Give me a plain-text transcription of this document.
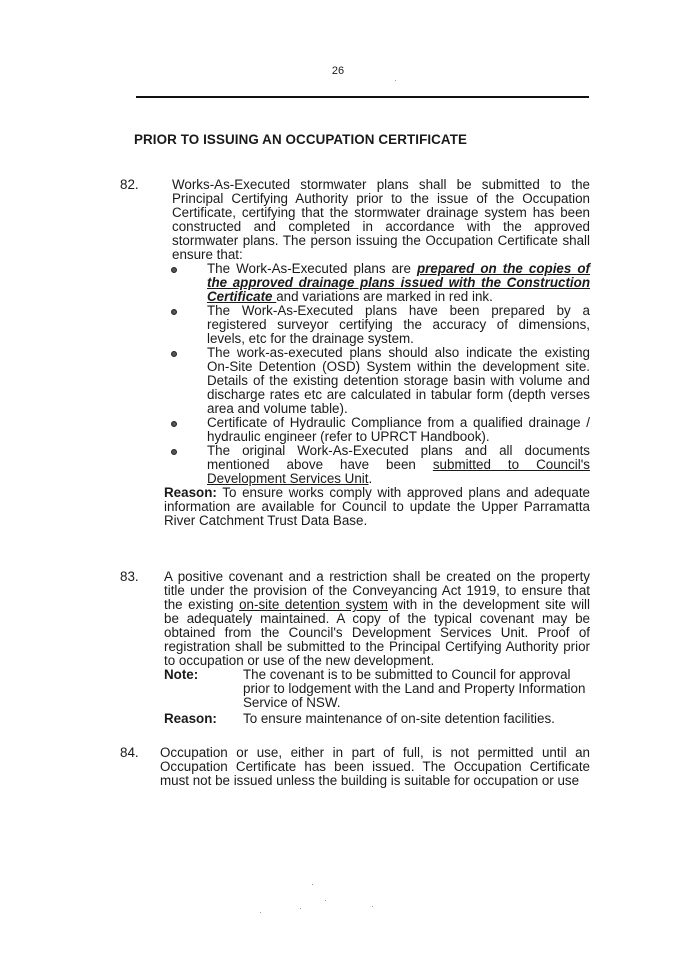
26
PRIOR TO ISSUING AN OCCUPATION CERTIFICATE
82. Works-As-Executed stormwater plans shall be submitted to the Principal Certifying Authority prior to the issue of the Occupation Certificate, certifying that the stormwater drainage system has been constructed and completed in accordance with the approved stormwater plans. The person issuing the Occupation Certificate shall ensure that:

The Work-As-Executed plans are prepared on the copies of the approved drainage plans issued with the Construction Certificate and variations are marked in red ink.
The Work-As-Executed plans have been prepared by a registered surveyor certifying the accuracy of dimensions, levels, etc for the drainage system.
The work-as-executed plans should also indicate the existing On-Site Detention (OSD) System within the development site. Details of the existing detention storage basin with volume and discharge rates etc are calculated in tabular form (depth verses area and volume table).
Certificate of Hydraulic Compliance from a qualified drainage / hydraulic engineer (refer to UPRCT Handbook).
The original Work-As-Executed plans and all documents mentioned above have been submitted to Council's Development Services Unit.

Reason: To ensure works comply with approved plans and adequate information are available for Council to update the Upper Parramatta River Catchment Trust Data Base.

83. A positive covenant and a restriction shall be created on the property title under the provision of the Conveyancing Act 1919, to ensure that the existing on-site detention system with in the development site will be adequately maintained. A copy of the typical covenant may be obtained from the Council's Development Services Unit. Proof of registration shall be submitted to the Principal Certifying Authority prior to occupation or use of the new development.

Note:	The covenant is to be submitted to Council for approval prior to lodgement with the Land and Property Information Service of NSW.
Reason:	To ensure maintenance of on-site detention facilities.
84. Occupation or use, either in part of full, is not permitted until an Occupation Certificate has been issued. The Occupation Certificate must not be issued unless the building is suitable for occupation or use
